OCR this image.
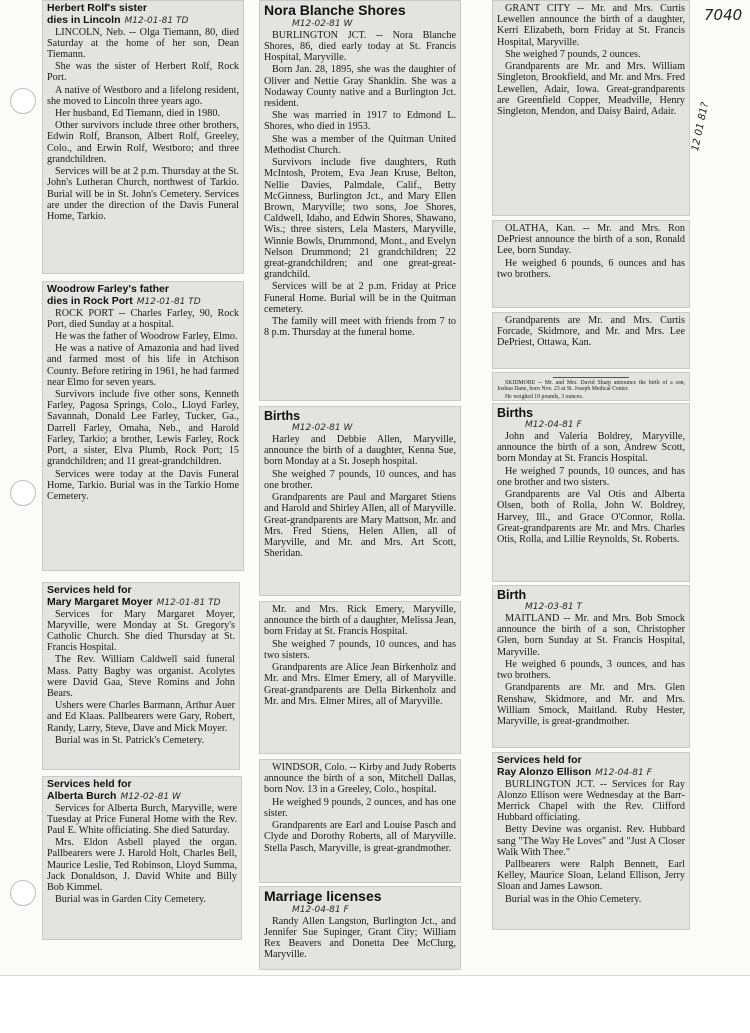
7040
12 01 81?
Herbert Rolf's sister
dies in Lincoln M12-01-81 TD

LINCOLN, Neb. -- Olga Tiemann, 80, died Saturday at the home of her son, Dean Tiemann.

She was the sister of Herbert Rolf, Rock Port.

A native of Westboro and a lifelong resident, she moved to Lincoln three years ago.

Her husband, Ed Tiemann, died in 1980.

Other survivors include three other brothers, Edwin Rolf, Branson, Albert Rolf, Greeley, Colo., and Erwin Rolf, Westboro; and three grandchildren.

Services will be at 2 p.m. Thursday at the St. John's Lutheran Church, northwest of Tarkio. Burial will be in St. John's Cemetery. Services are under the direction of the Davis Funeral Home, Tarkio.

Woodrow Farley's father
dies in Rock Port M12-01-81 TD

ROCK PORT -- Charles Farley, 90, Rock Port, died Sunday at a hospital.

He was the father of Woodrow Farley, Elmo.

He was a native of Amazonia and had lived and farmed most of his life in Atchison County. Before retiring in 1961, he had farmed near Elmo for seven years.

Survivors include five other sons, Kenneth Farley, Pagosa Springs, Colo., Lloyd Farley, Savannah, Donald Lee Farley, Tucker, Ga., Darrell Farley, Omaha, Neb., and Harold Farley, Tarkio; a brother, Lewis Farley, Rock Port, a sister, Elva Plumb, Rock Port; 15 grandchildren; and 11 great-grandchildren.

Services were today at the Davis Funeral Home, Tarkio. Burial was in the Tarkio Home Cemetery.

Services held for
Mary Margaret Moyer M12-01-81 TD

Services for Mary Margaret Moyer, Maryville, were Monday at St. Gregory's Catholic Church. She died Thursday at St. Francis Hospital.

The Rev. William Caldwell said funeral Mass. Patty Bagby was organist. Acolytes were David Gaa, Steve Romins and John Bears.

Ushers were Charles Barmann, Arthur Auer and Ed Klaas. Pallbearers were Gary, Robert, Randy, Larry, Steve, Dave and Mick Moyer.

Burial was in St. Patrick's Cemetery.

Services held for
Alberta Burch M12-02-81 W

Services for Alberta Burch, Maryville, were Tuesday at Price Funeral Home with the Rev. Paul E. White officiating. She died Saturday.

Mrs. Eldon Asbell played the organ. Pallbearers were J. Harold Holt, Charles Bell, Maurice Leslie, Ted Robinson, Lloyd Summa, Jack Donaldson, J. David White and Billy Bob Kimmel.

Burial was in Garden City Cemetery.

Nora Blanche Shores
M12-02-81 W

BURLINGTON JCT. -- Nora Blanche Shores, 86, died early today at St. Francis Hospital, Maryville.

Born Jan. 28, 1895, she was the daughter of Oliver and Nettie Gray Shanklin. She was a Nodaway County native and a Burlington Jct. resident.

She was married in 1917 to Edmond L. Shores, who died in 1953.

She was a member of the Quitman United Methodist Church.

Survivors include five daughters, Ruth McIntosh, Protem, Eva Jean Kruse, Belton, Nellie Davies, Palmdale, Calif., Betty McGinness, Burlington Jct., and Mary Ellen Brown, Maryville; two sons, Joe Shores, Caldwell, Idaho, and Edwin Shores, Shawano, Wis.; three sisters, Lela Masters, Maryville, Winnie Bowls, Drummond, Mont., and Evelyn Nelson Drummond; 21 grandchildren; 22 great-grandchildren; and one great-great-grandchild.

Services will be at 2 p.m. Friday at Price Funeral Home. Burial will be in the Quitman cemetery.

The family will meet with friends from 7 to 8 p.m. Thursday at the funeral home.

Births
M12-02-81 W

Harley and Debbie Allen, Maryville, announce the birth of a daughter, Kenna Sue, born Monday at a St. Joseph hospital.

She weighed 7 pounds, 10 ounces, and has one brother.

Grandparents are Paul and Margaret Stiens and Harold and Shirley Allen, all of Maryville. Great-grandparents are Mary Mattson, Mr. and Mrs. Fred Stiens, Helen Allen, all of Maryville, and Mr. and Mrs. Art Scott, Sheridan.

Mr. and Mrs. Rick Emery, Maryville, announce the birth of a daughter, Melissa Jean, born Friday at St. Francis Hospital.

She weighed 7 pounds, 10 ounces, and has two sisters.

Grandparents are Alice Jean Birkenholz and Mr. and Mrs. Elmer Emery, all of Maryville. Great-grandparents are Della Birkenholz and Mr. and Mrs. Elmer Mires, all of Maryville.

WINDSOR, Colo. -- Kirby and Judy Roberts announce the birth of a son, Mitchell Dallas, born Nov. 13 in a Greeley, Colo., hospital.

He weighed 9 pounds, 2 ounces, and has one sister.

Grandparents are Earl and Louise Pasch and Clyde and Dorothy Roberts, all of Maryville. Stella Pasch, Maryville, is great-grandmother.

Marriage licenses
M12-04-81 F

Randy Allen Langston, Burlington Jct., and Jennifer Sue Supinger, Grant City; William Rex Beavers and Donetta Dee McClurg, Maryville.

GRANT CITY -- Mr. and Mrs. Curtis Lewellen announce the birth of a daughter, Kerri Elizabeth, born Friday at St. Francis Hospital, Maryville.

She weighed 7 pounds, 2 ounces.

Grandparents are Mr. and Mrs. William Singleton, Brookfield, and Mr. and Mrs. Fred Lewellen, Adair, Iowa. Great-grandparents are Greenfield Copper, Meadville, Henry Singleton, Mendon, and Daisy Baird, Adair.

OLATHA, Kan. -- Mr. and Mrs. Ron DePriest announce the birth of a son, Ronald Lee, born Sunday.

He weighed 6 pounds, 6 ounces and has two brothers.

Grandparents are Mr. and Mrs. Curtis Forcade, Skidmore, and Mr. and Mrs. Lee DePriest, Ottawa, Kan.

SKIDMORE -- Mr. and Mrs. David Sharp announce the birth of a son, Joshua Dane, born Nov. 23 at St. Joseph Medical Center.

He weighed 10 pounds, 3 ounces.

Births
M12-04-81 F

John and Valeria Boldrey, Maryville, announce the birth of a son, Andrew Scott, born Monday at St. Francis Hospital.

He weighed 7 pounds, 10 ounces, and has one brother and two sisters.

Grandparents are Val Otis and Alberta Olsen, both of Rolla, John W. Boldrey, Harvey, Ill., and Grace O'Connor, Rolla. Great-grandparents are Mr. and Mrs. Charles Otis, Rolla, and Lillie Reynolds, St. Roberts.

Birth
M12-03-81 T

MAITLAND -- Mr. and Mrs. Bob Smock announce the birth of a son, Christopher Glen, born Sunday at St. Francis Hospital, Maryville.

He weighed 6 pounds, 3 ounces, and has two brothers.

Grandparents are Mr. and Mrs. Glen Renshaw, Skidmore, and Mr. and Mrs. William Smock, Maitland. Ruby Hester, Maryville, is great-grandmother.

Services held for
Ray Alonzo Ellison M12-04-81 F

BURLINGTON JCT. -- Services for Ray Alonzo Ellison were Wednesday at the Barr-Merrick Chapel with the Rev. Clifford Hubbard officiating.

Betty Devine was organist. Rev. Hubbard sang "The Way He Loves" and "Just A Closer Walk With Thee."

Pallbearers were Ralph Bennett, Earl Kelley, Maurice Sloan, Leland Ellison, Jerry Sloan and James Lawson.

Burial was in the Ohio Cemetery.
